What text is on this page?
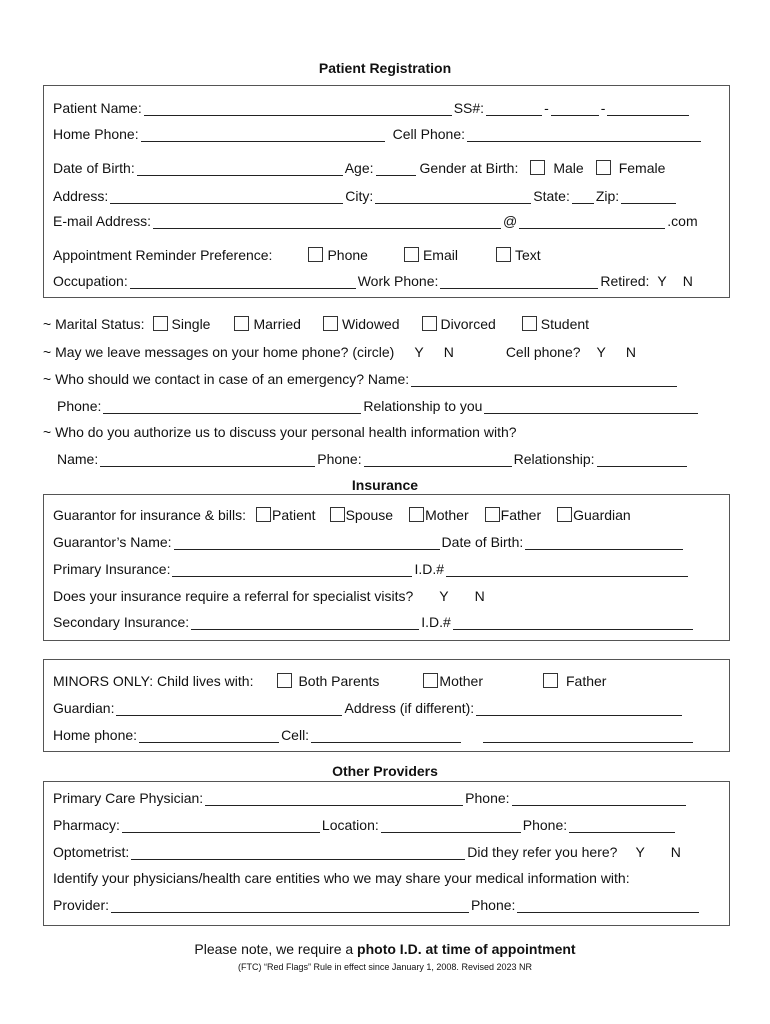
Patient Registration
Patient Name:	SS#:	-	-
Home Phone:	Cell Phone:
Date of Birth:	Age:	Gender at Birth:	Male	Female
Address:	City:	State: Zip:
E-mail Address:	@	.com
Appointment Reminder Preference:	Phone	Email	Text
Occupation:	Work Phone:	Retired: Y N
~ Marital Status: Single	Married	Widowed	Divorced	Student
~ May we leave messages on your home phone? (circle) Y N	Cell phone? Y N
~ Who should we contact in case of an emergency? Name:
Phone:	Relationship to you
~ Who do you authorize us to discuss your personal health information with?
Name:	Phone:	Relationship:
Insurance
Guarantor for insurance & bills: Patient Spouse Mother Father Guardian
Guarantor’s Name:	Date of Birth:
Primary Insurance:	I.D.#
Does your insurance require a referral for specialist visits? Y N
Secondary Insurance:	I.D.#
MINORS ONLY: Child lives with:	Both Parents	Mother	Father
Guardian:	Address (if different):
Home phone:	Cell:
Other Providers
Primary Care Physician:	Phone:
Pharmacy:	Location:	Phone:
Optometrist:	Did they refer you here? Y N
Identify your physicians/health care entities who we may share your medical information with:
Provider:	Phone:
Please note, we require a photo I.D. at time of appointment
(FTC) “Red Flags” Rule in effect since January 1, 2008. Revised 2023 NR
